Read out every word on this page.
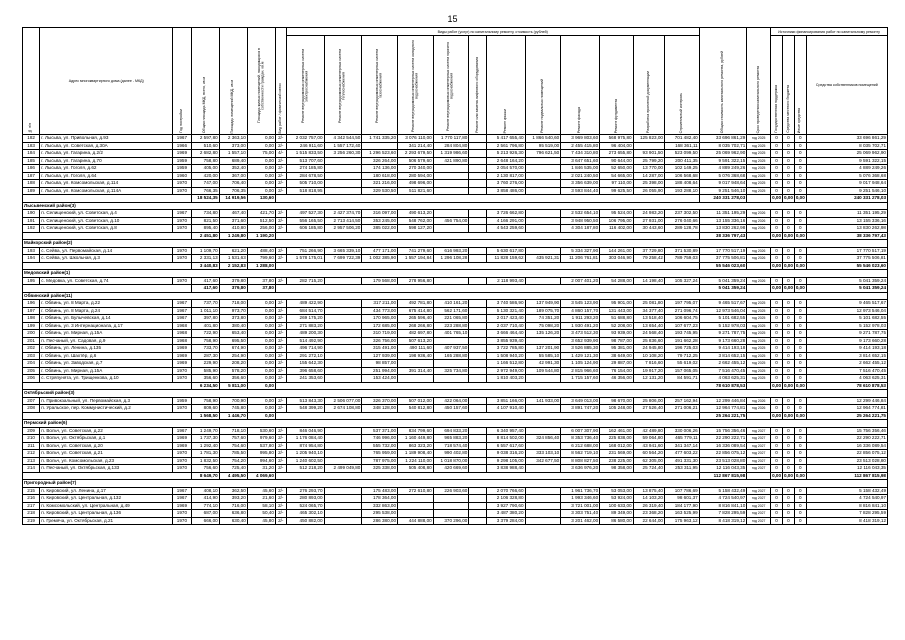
15
№ п/п	Адрес многоквартирного дома (далее - МКД)	Год постройки	Общая площадь МКД, всего, кв.м	Площадь помещений МКД, кв.м	Площадь жилых помещений, находящихся в собственности граждан, кв.м	Вид работ / физический износ	Виды работ (услуг) по капитальному ремонту, стоимость (рублей)												Общая стоимость капитального ремонта, рублей	Срок проведения капитального ремонта	Источники финансирования работ по капитальному ремонту			

							Ремонт внутридомовых инженерных систем электроснабжения	Ремонт внутридомовых инженерных систем теплоснабжения	Ремонт внутридомовых инженерных систем газоснабжения	Ремонт внутридомовых инженерных систем холодного водоснабжения	Ремонт внутридомовых инженерных систем горячего водоснабжения	Ремонт или замена лифтового оборудования	Ремонт крыши	Ремонт подвальных помещений	Ремонт фасада	Ремонт фундамента	Разработка проектной документации	Строительный контроль			Государственная поддержка	Средства местного бюджета	Иные средства	Средства собственников помещений
182	г. Лысьва, ул. Привольная, д.93	1967	2 597,80	2 363,10	0,00	2/-	2 032 757,00	4 342 544,50	1 741 335,20	3 076 110,00	1 770 117,80		5 417 655,40	1 866 540,60	3 969 803,60	568 975,80	125 823,00	701 482,40	33 696 861,29	год 2025	0	0	0	33 696 861,29
183	г. Лысьва, ул. Советская, д.30А	1966	510,60	373,00	0,00	2/-	246 911,60	1 557 172,40		341 214,40	284 804,80		2 561 796,80	95 519,00	2 455 415,80	96 404,00		168 361,11	8 035 702,71	год 2025	0	0	0	8 035 702,71
184	г. Лысьва, ул. Гагарина, д.2/2	1969	2 682,80	1 557,10	75,00	4/-	1 515 833,50	3 256 260,30	1 296 523,60	2 293 679,50	1 319 986,60		5 213 926,30	796 621,50	7 434 310,80	273 655,80	93 901,50	523 099,50	25 069 962,90	год 2025	0	0	0	25 069 962,90
185	г. Лысьва, ул. Гагарина, д.70	1959	758,80	689,40	0,00	2/-	513 707,60		326 264,00	506 579,60	421 890,80		2 648 164,20		3 647 651,60	90 644,00	25 799,20	200 411,35	9 591 322,15	год 2025	0	0	0	9 591 322,15
186	г. Лысьва, ул. Гоголя, д.62	1959	405,00	352,40	0,00	2/-	274 185,80		174 136,00	270 340,00			2 054 570,00		1 846 535,00	52 650,00	13 770,00	102 149,25	4 889 249,26	год 2025	0	0	0	4 889 249,26
187	г. Лысьва, ул. Гоголя, д.64	1960	420,00	367,00	0,00	2/-	284 678,50		180 618,00	280 594,00			2 130 817,00		2 021 240,50	54 665,00	14 287,00	106 568,68	5 076 368,68	год 2025	0	0	0	5 076 368,68
188	г. Лысьва, ул. Комсомольская, д.114	1970	747,00	706,40	0,00	2/-	505 710,00		321 216,00	498 696,00			3 760 276,00		3 356 639,00	97 110,00	25 398,00	188 408,64	9 017 948,64	год 2025	0	0	0	9 017 948,64
189	г. Лысьва, ул. Комсомольская, д.114А	1970	766,35	706,35	0,00	2/-	518 818,95		329 530,50	511 821,60			3 858 486,00		3 593 844,40	99 625,50	26 055,90	193 288,10	9 251 546,10	год 2025	0	0	0	9 251 546,10
			18 524,35	14 919,56	130,60														240 331 278,03		0,00	0,00	0,00	240 331 278,03
Лысьвенский район(3)																								
190	п. Селищенский, ул. Советская, д.4	1967	734,80	467,40	421,70	2/-	497 527,30	2 427 374,70	316 097,00	490 613,20			3 726 662,80		2 532 654,10	95 524,00	24 983,20	237 302,50	11 351 195,29	год 2026	0	0	0	11 351 195,29
191	п. Селищенский, ул. Советская, д.10	1970	821,50	371,60	512,50	2/-	556 165,50	2 713 414,50	353 245,00	548 762,00	456 754,00		4 166 291,00		3 948 950,50	106 795,00	27 931,00	276 040,66	13 155 336,16	год 2026	0	0	0	13 155 336,16
192	п. Селищенский, ул. Советская, д.8	1970	895,40	410,80	256,00	2/-	606 185,80	2 957 506,20	385 022,00	598 127,20			4 543 259,60		4 304 187,80	116 402,00	30 443,60	289 128,78	13 830 262,98	год 2026	0	0	0	13 830 262,98
			2 451,80	1 249,80	1 190,20														38 336 797,43		0,00	0,00	0,00	38 336 797,43
Майкорский район(2)																								
193	с. Сейва, ул. Первомайская, д.14	1970	1 109,70	621,20	488,40	2/-	751 266,90	3 665 339,10	477 171,00	741 279,60	616 993,20		5 630 617,80		5 334 327,90	144 261,00	37 729,80	371 530,89	17 770 517,19	год 2026	0	0	0	17 770 517,19
194	с. Сейва, ул. Школьная, д.3	1970	2 331,13	1 531,63	799,60	2/-	1 578 175,01	7 699 722,39	1 002 385,90	1 557 194,84	1 296 108,28		11 828 159,62	435 921,31	11 206 761,81	303 046,90	79 258,42	789 759,03	37 775 506,81	год 2026	0	0	0	37 775 506,81
			3 440,83	2 152,83	1 288,00														55 546 023,60		0,00	0,00	0,00	55 546 023,60
Медовский район(1)																								
195	с. Медовка, ул. Советская, д.74	1970	417,60	379,80	37,80	2/-	282 715,20		179 568,00	278 956,80			2 118 993,40		2 007 401,20	54 288,00	14 198,40	105 327,24	5 041 359,24	год 2026	0	0	0	5 041 359,24
			417,60	379,80	37,80														5 041 359,24		0,00	0,00	0,00	5 041 359,24
Обвинский район(11)																								
196	г. Обвинь, ул. 8 Марта, д.22	1967	737,70	718,00	0,00	2/-	489 422,90		317 211,00	492 781,80	410 161,20		3 740 586,90	137 949,90	3 545 123,90	95 901,00	25 081,80	197 795,07	9 465 517,67	год 2025	0	0	0	9 465 517,67
197	г. Обвинь, ул. 8 Марта, д.24	1967	1 011,10	973,70	0,00	2/-	684 514,70		434 773,00	675 414,80	562 171,60		5 130 321,40	189 075,70	4 860 157,70	131 443,00	34 377,40	271 096,74	12 973 546,04	год 2025	0	0	0	12 973 546,04
198	г. Обвинь, ул. Булычевская, д.14	1967	397,80	373,80	0,00	2/-	269 175,20		170 965,00	265 596,40	221 065,80		2 017 423,40	74 351,20	1 911 293,20	51 688,80	13 518,40	106 604,75	5 101 682,55	год 2025	0	0	0	5 101 682,55
199	г. Обвинь, ул. 3 Интернационала, д.17	1968	401,80	380,40	0,00	2/-	271 883,20		172 685,00	268 266,80	223 288,80		2 037 710,40	75 098,20	1 930 491,20	52 208,00	13 654,40	107 677,23	5 152 978,03	год 2025	0	0	0	5 152 978,03
200	г. Обвинь, ул. Мирная, д.15А	1968	722,90	653,40	0,00	2/-	489 200,30		310 719,00	482 697,80	401 765,10		3 666 464,40	135 126,20	3 473 512,30	93 939,00	24 568,40	193 745,95	9 271 787,75	год 2025	0	0	0	9 271 787,75
201	п. Песчаный, ул. Садовая, д.9	1968	758,90	695,50	0,00	2/-	514 492,90		326 756,00	507 613,20			3 855 939,40		3 652 939,90	98 787,00	25 836,60	191 662,28	9 173 660,28	год 2025	0	0	0	9 173 660,28
202	г. Обвинь, ул. Ленина, д.135	1969	733,70	674,90	0,00	2/-	496 714,90		315 491,00	490 111,60	407 937,50		3 722 785,80	137 201,90	3 526 885,30	95 381,00	24 945,80	196 725,03	9 414 193,18	год 2025	0	0	0	9 414 193,18
203	г. Обвинь, ул. Шахтёр, д.6	1969	287,30	254,90	0,00	2/-	291 272,10		127 939,00	198 936,40	165 288,80		1 508 940,20	55 585,10	1 429 121,30	38 649,00	10 108,20	79 712,25	3 814 652,15	год 2025	0	0	0	3 814 652,15
204	г. Обвинь, ул. Заводская, д.7	1969	229,90	208,20	0,00	2/-	155 642,30		98 857,00				1 166 512,80	42 991,30	1 105 124,90	29 887,00	7 816,60	55 619,02	2 662 455,12	год 2025	0	0	0	2 662 455,12
205	г. Обвинь, ул. Мирная, д.15А	1970	585,90	578,20	0,00	2/-	396 658,60		251 994,00	391 314,40	325 734,80		2 972 949,00	109 544,80	2 815 966,60	76 154,00	19 917,20	157 065,05	7 516 470,45	год 2025	0	0	0	7 516 470,45
206	с. Стряпунята, ул. Трищенкова, д.10	1970	356,60	356,60	0,00	2/-	241 353,60		153 424,00				1 810 403,20		1 715 157,60	46 356,00	12 131,20	84 591,71	4 063 625,31	год 2025	0	0	0	4 063 625,31
			6 234,50	5 811,00	0,00														78 610 878,53		0,00	0,00	0,00	78 610 878,53
Октябрьский район(3)																								
207	п. Привокзальный, ул. Первомайская, д.3	1959	758,90	700,90	0,00	2/-	513 843,30	2 506 077,00	326 370,00	507 012,00	422 064,00		3 851 166,00	141 933,00	3 649 013,00	98 670,00	25 806,00	257 162,94	12 299 446,84	год 2026	0	0	0	12 299 446,84
208	п. Уральское, пер. Коммунистический, д.2	1970	809,60	745,80	0,00	2/-	548 399,20	2 674 108,80	348 128,00	540 812,80	450 157,60		4 107 910,40		3 891 747,20	105 248,00	27 526,40	271 006,21	12 964 774,81	год 2026	0	0	0	12 964 774,81
			1 568,50	1 446,70	0,00														25 264 221,75		0,00	0,00	0,00	25 264 221,75
Пермский район(6)																								
209	п. Вольч, ул. Советская, д.22	1967	1 249,70	718,10	530,60	2/-	846 046,90		537 371,00	834 799,60	694 833,20		6 340 957,40		6 007 307,90	162 461,00	42 489,80	330 006,26	15 756 356,46	год 2027	0	0	0	15 756 356,46
210	п. Вольч, ул. Октябрьская, д.1	1969	1 737,30	757,60	979,60	2/-	1 176 084,40		746 996,00	1 160 449,80	965 883,20		8 814 502,00	324 856,40	8 353 736,40	225 838,00	59 064,80	465 779,11	22 290 222,71	год 2027	0	0	0	22 290 222,71
211	п. Вольч, ул. Советская, д.20	1969	1 292,40	754,60	537,80	2/-	874 954,80		555 732,00	863 323,20	718 574,40		6 557 617,60		6 212 688,00	168 012,00	43 941,60	341 347,14	16 336 089,54	год 2027	0	0	0	16 336 089,54
212	п. Вольч, ул. Советская, д.21	1970	1 781,30	785,50	995,80	2/-	1 205 940,10		765 959,00	1 189 908,40	990 402,80		9 038 316,20	333 103,10	8 562 719,10	231 569,00	60 564,20	477 603,22	22 856 075,12	год 2027	0	0	0	22 856 075,12
213	п. Вольч, ул. Комсомольская, д.23	1970	1 832,50	754,20	994,60	2/-	1 240 602,50		787 975,00	1 224 110,00	1 018 870,00		9 298 105,00	342 677,50	8 808 827,50	238 225,00	62 305,00	491 331,30	23 513 028,80	год 2027	0	0	0	23 513 028,80
214	п. Песчаный, ул. Октябрьская, д.133	1970	756,60	725,40	31,20	2/-	512 218,20	2 499 049,80	325 338,00	505 408,80	420 669,60		3 838 988,40		3 636 976,20	98 358,00	25 724,40	253 311,95	12 116 043,35	год 2027	0	0	0	12 116 043,35
			8 649,70	4 495,50	4 069,60														112 867 815,98		0,00	0,00	0,00	112 867 815,98
Пригородный район(7)																								
215	п. Кировский, ул. Ленина, д.17	1967	408,10	362,50	45,60	2/-	276 293,70		175 483,00	272 610,80	226 903,60		2 070 766,60		1 961 736,70	53 053,00	13 875,40	107 786,69	5 158 432,49	год 2027	0	0	0	5 158 432,49
216	п. Кировский, ул. Центральная, д.132	1967	414,90	393,20	21,60	2/-	280 893,00		178 364,00				2 106 328,80		1 993 346,60	53 924,00	14 103,20	98 601,37	4 724 540,97	год 2027	0	0	0	4 724 540,97
217	п. Комсомольский, ул. Центральная, д.49	1969	774,10	716,00	58,10	2/-	524 065,70		332 863,00				3 927 790,60		3 721 001,00	100 633,00	26 319,40	184 177,90	8 816 841,10	год 2027	0	0	0	8 816 841,10
218	п. Кировский, ул. Центральная, д.136	1970	687,00	636,80	50,40	2/-	465 302,10		295 538,00				3 487 380,20		3 303 751,40	89 349,00	23 368,20	163 525,99	7 828 295,59	год 2027	0	0	0	7 828 295,59
219	п. Гремяча, ул. Октябрьская, д.21	1970	666,00	630,40	45,80	2/-	450 882,00		286 380,00	444 888,00	370 296,00		3 379 284,00		3 201 462,00	86 580,00	22 644,00	175 963,12	8 418 319,12	год 2027	0	0	0	8 418 319,12
